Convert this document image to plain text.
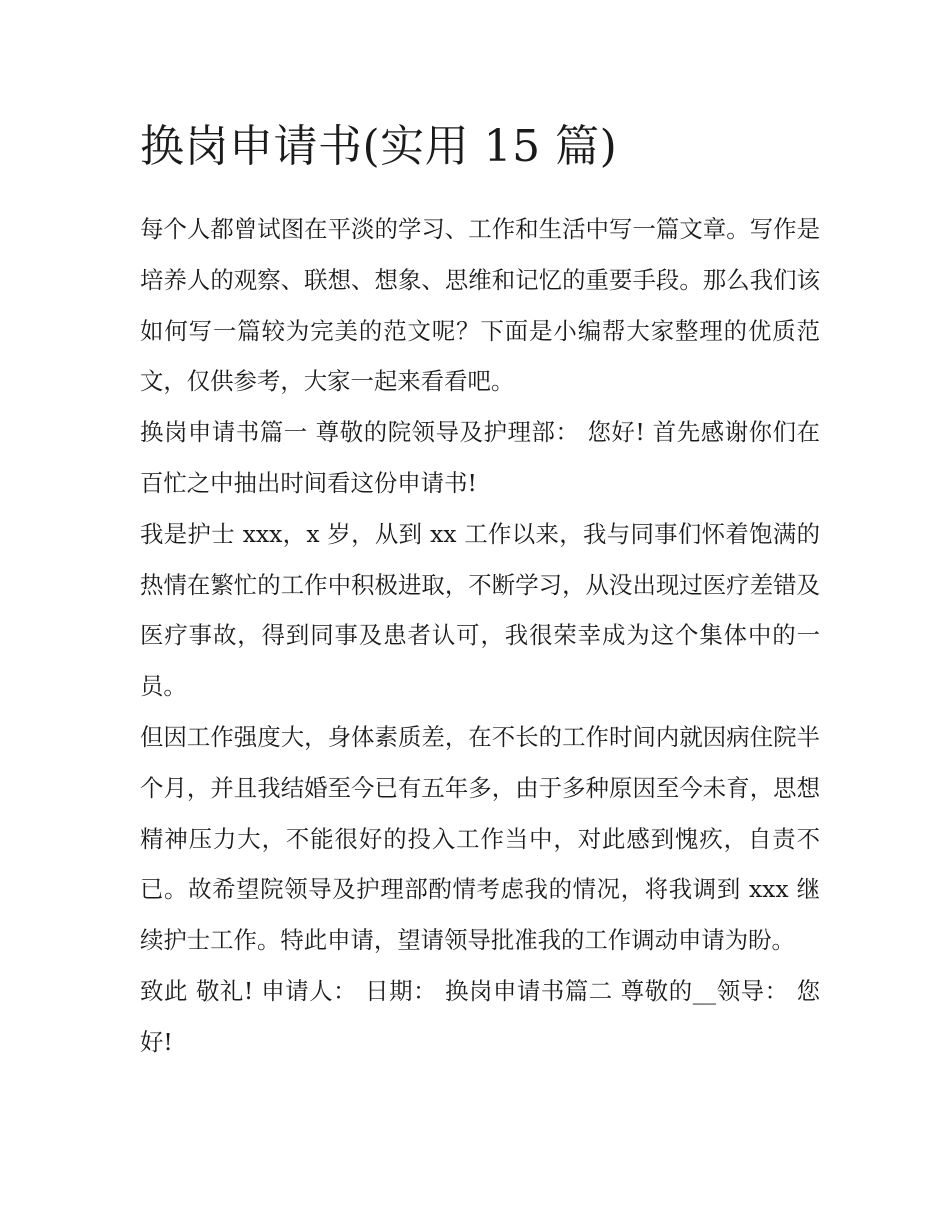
换岗申请书(实用 15 篇)

每个人都曾试图在平淡的学习、工作和生活中写一篇文章。写作是培养人的观察、联想、想象、思维和记忆的重要手段。那么我们该如何写一篇较为完美的范文呢？下面是小编帮大家整理的优质范文，仅供参考，大家一起来看看吧。

换岗申请书篇一 尊敬的院领导及护理部： 您好! 首先感谢你们在百忙之中抽出时间看这份申请书!

我是护士 xxx，x 岁，从到 xx 工作以来，我与同事们怀着饱满的热情在繁忙的工作中积极进取，不断学习，从没出现过医疗差错及医疗事故，得到同事及患者认可，我很荣幸成为这个集体中的一员。

但因工作强度大，身体素质差，在不长的工作时间内就因病住院半个月，并且我结婚至今已有五年多，由于多种原因至今未育，思想精神压力大，不能很好的投入工作当中，对此感到愧疚，自责不已。故希望院领导及护理部酌情考虑我的情况，将我调到 xxx 继续护士工作。特此申请，望请领导批准我的工作调动申请为盼。

致此 敬礼! 申请人： 日期： 换岗申请书篇二 尊敬的__领导： 您好!
